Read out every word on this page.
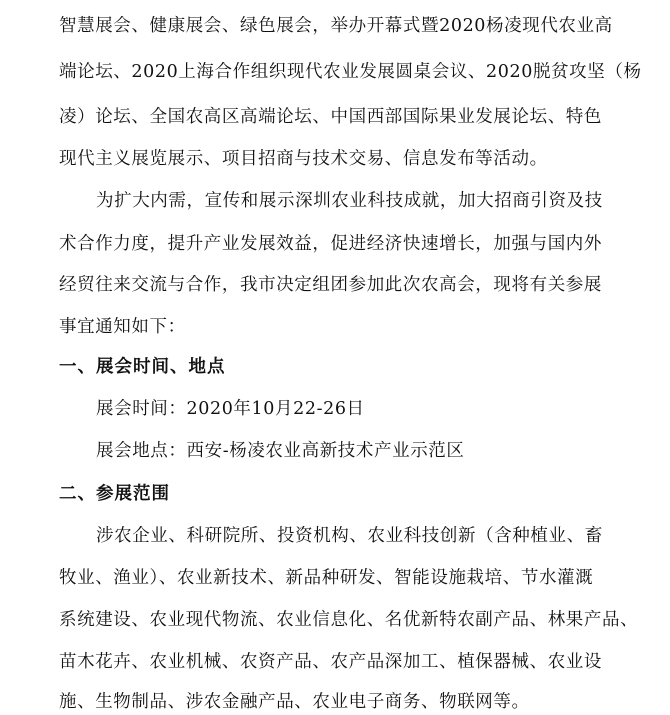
智慧展会、健康展会、绿色展会，举办开幕式暨2020杨凌现代农业高
端论坛、2020上海合作组织现代农业发展圆桌会议、2020脱贫攻坚（杨
凌）论坛、全国农高区高端论坛、中国西部国际果业发展论坛、特色
现代主义展览展示、项目招商与技术交易、信息发布等活动。
为扩大内需，宣传和展示深圳农业科技成就，加大招商引资及技
术合作力度，提升产业发展效益，促进经济快速增长，加强与国内外
经贸往来交流与合作，我市决定组团参加此次农高会，现将有关参展
事宜通知如下：
一、展会时间、地点
展会时间：2020年10月22-26日
展会地点：西安-杨凌农业高新技术产业示范区
二、参展范围
涉农企业、科研院所、投资机构、农业科技创新（含种植业、畜
牧业、渔业）、农业新技术、新品种研发、智能设施栽培、节水灌溉
系统建设、农业现代物流、农业信息化、名优新特农副产品、林果产品、
苗木花卉、农业机械、农资产品、农产品深加工、植保器械、农业设
施、生物制品、涉农金融产品、农业电子商务、物联网等。
